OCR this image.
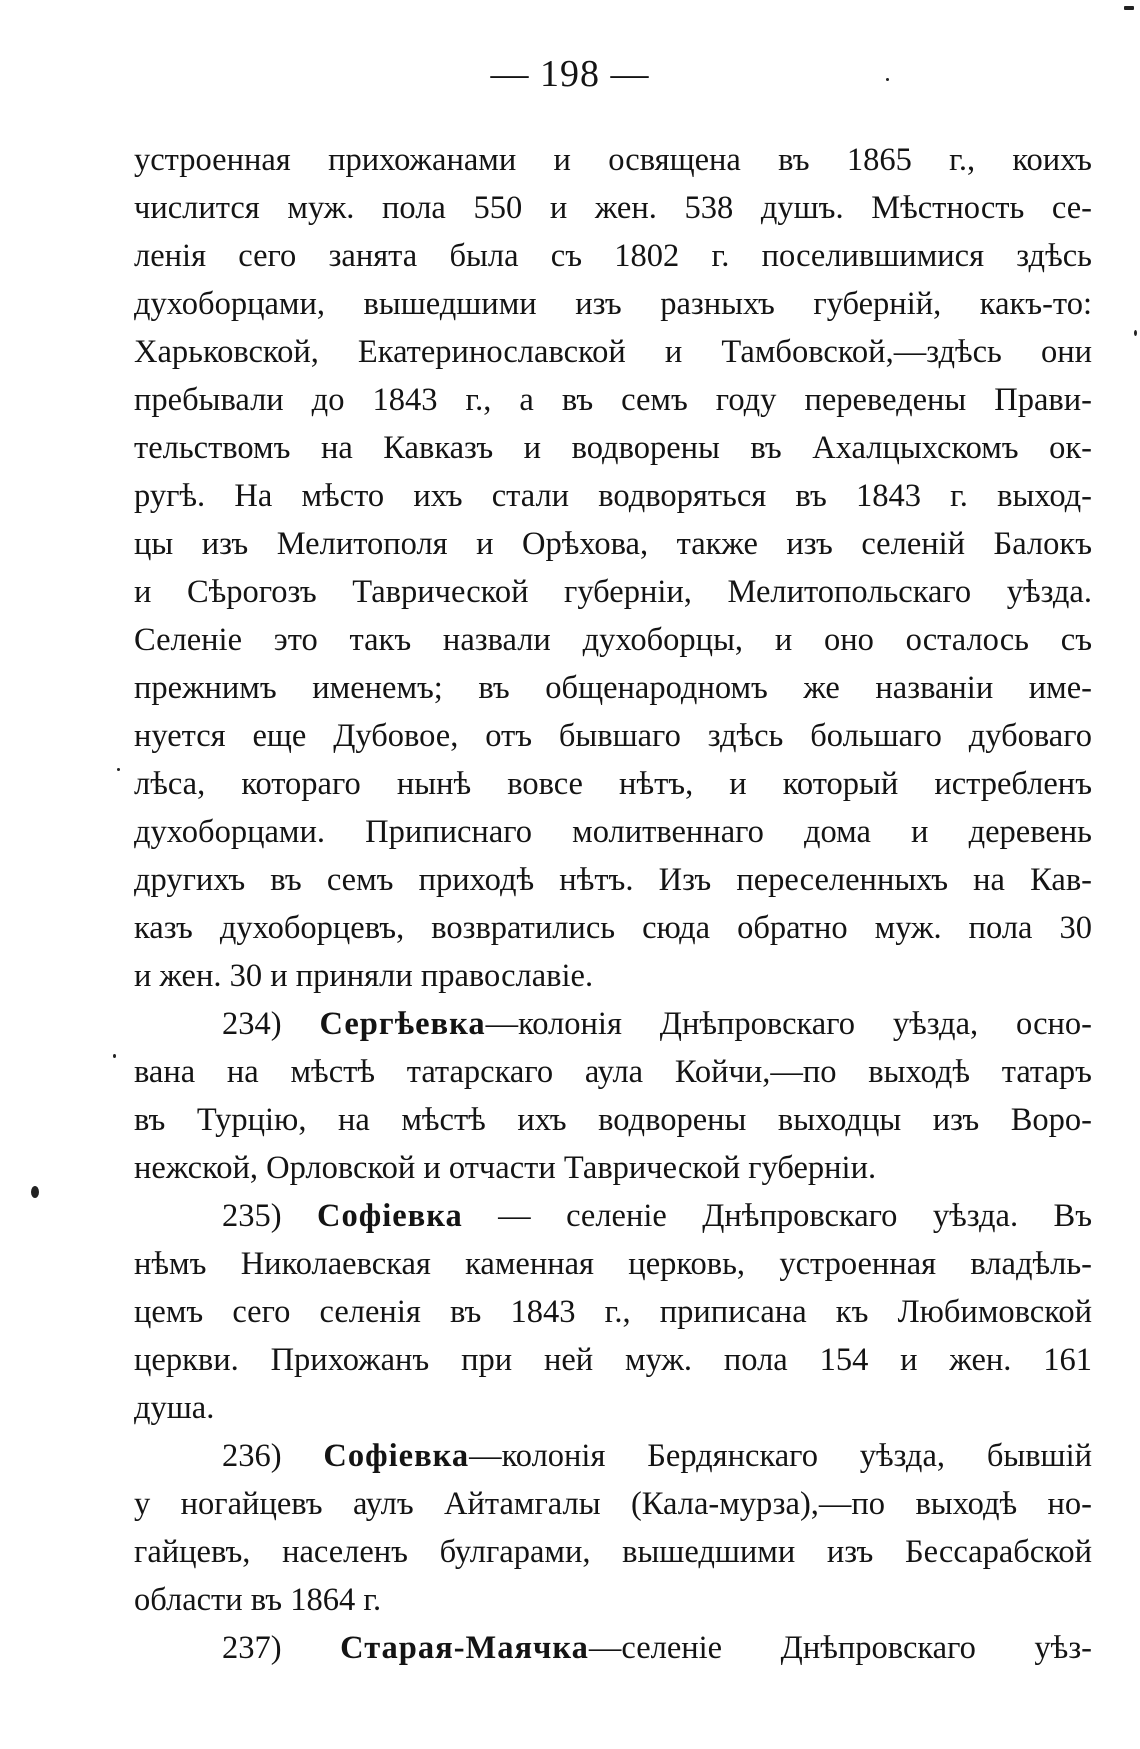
— 198 —
устроенная прихожанами и освящена въ 1865 г., коихъ
числится муж. пола 550 и жен. 538 душъ. Мѣстность се-
ленія сего занята была съ 1802 г. поселившимися здѣсь
духоборцами, вышедшими изъ разныхъ губерній, какъ-то:
Харьковской, Екатеринославской и Тамбовской,—здѣсь они
пребывали до 1843 г., а въ семъ году переведены Прави-
тельствомъ на Кавказъ и водворены въ Ахалцыхскомъ ок-
ругѣ. На мѣсто ихъ стали водворяться въ 1843 г. выход-
цы изъ Мелитополя и Орѣхова, также изъ селеній Балокъ
и Сѣрогозъ Таврической губерніи, Мелитопольскаго уѣзда.
Селеніе это такъ назвали духоборцы, и оно осталось съ
прежнимъ именемъ; въ общенародномъ же названіи име-
нуется еще Дубовое, отъ бывшаго здѣсь большаго дубоваго
лѣса, котораго нынѣ вовсе нѣтъ, и который истребленъ
духоборцами. Приписнаго молитвеннаго дома и деревень
другихъ въ семъ приходѣ нѣтъ. Изъ переселенныхъ на Кав-
казъ духоборцевъ, возвратились сюда обратно муж. пола 30
и жен. 30 и приняли православіе.
234) Сергѣевка—колонія Днѣпровскаго уѣзда, осно-
вана на мѣстѣ татарскаго аула Койчи,—по выходѣ татаръ
въ Турцію, на мѣстѣ ихъ водворены выходцы изъ Воро-
нежской, Орловской и отчасти Таврической губерніи.
235) Софіевка — селеніе Днѣпровскаго уѣзда. Въ
нѣмъ Николаевская каменная церковь, устроенная владѣль-
цемъ сего селенія въ 1843 г., приписана къ Любимовской
церкви. Прихожанъ при ней муж. пола 154 и жен. 161
душа.
236) Софіевка—колонія Бердянскаго уѣзда, бывшій
у ногайцевъ аулъ Айтамгалы (Кала-мурза),—по выходѣ но-
гайцевъ, населенъ булгарами, вышедшими изъ Бессарабской
области въ 1864 г.
237) Старая-Маячка—селеніе Днѣпровскаго уѣз-
